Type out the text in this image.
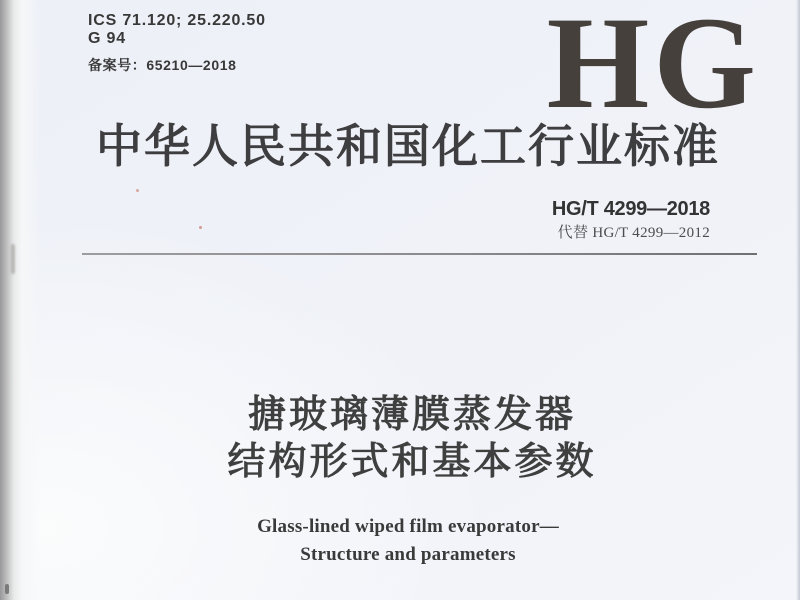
ICS 71.120; 25.220.50
G 94
备案号：65210—2018 HG
中华人民共和国化工行业标准
HG/T 4299—2018
代替 HG/T 4299—2012
搪玻璃薄膜蒸发器
结构形式和基本参数
Glass-lined wiped film evaporator—
Structure and parameters
